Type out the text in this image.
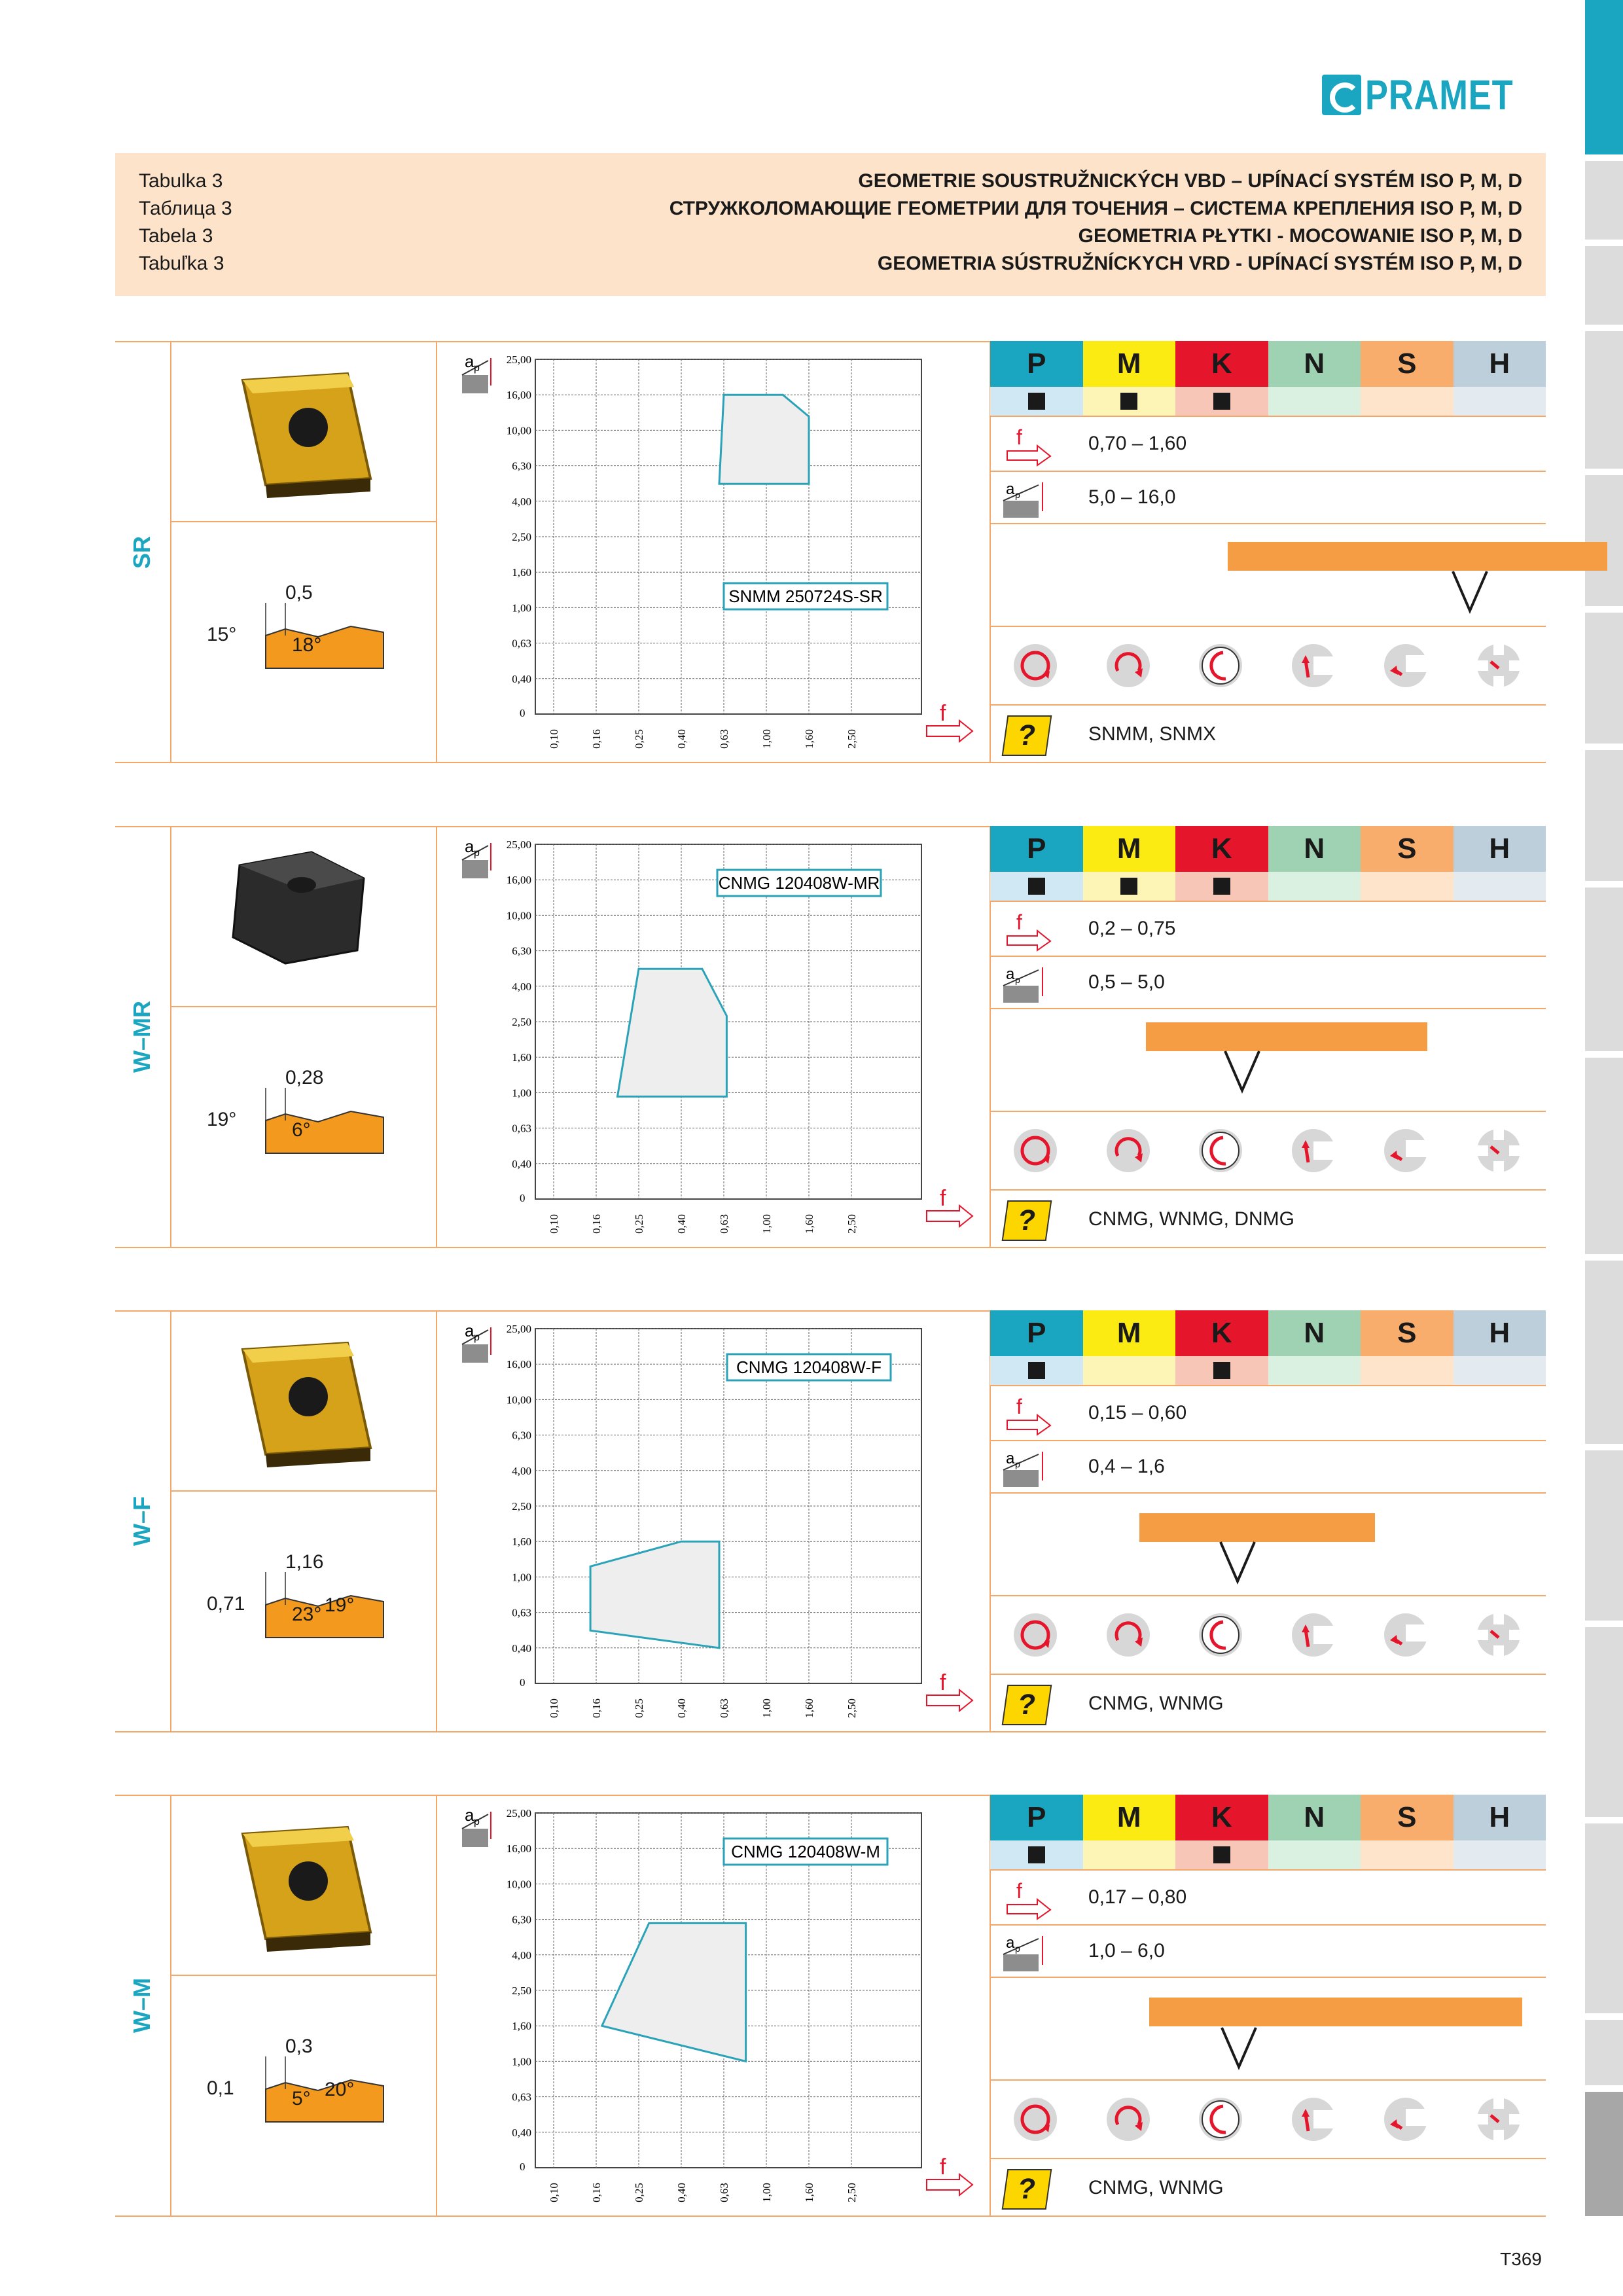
PRAMET
Tabulka 3
Таблица 3
Tabela 3
Tabuľka 3
GEOMETRIE SOUSTRUŽNICKÝCH VBD – UPÍNACÍ SYSTÉM ISO P, M, D
СТРУЖКОЛОМАЮЩИЕ ГЕОМЕТРИИ ДЛЯ ТОЧЕНИЯ – СИСТЕМА КРЕПЛЕНИЯ ISO P, M, D
GEOMETRIA PŁYTKI - MOCOWANIE ISO P, M, D
GEOMETRIA SÚSTRUŽNÍCKYCH VRD - UPÍNACÍ SYSTÉM ISO P, M, D
SR
0,5
15°	18°
a p
25,00
16,00
10,00
6,30
4,00
2,50
1,60
1,00
0,63
0,40
0
0,10	0,16	0,25	0,40	0,63	1,00	1,60	2,50
f
SNMM 250724S-SR
P	M	K	N	S	H
f	0,70 – 1,60
a p	5,0 – 16,0
?	SNMM, SNMX
W–MR
0,28
19°	6°
a p
25,00
16,00
10,00
6,30
4,00
2,50
1,60
1,00
0,63
0,40
0
0,10	0,16	0,25	0,40	0,63	1,00	1,60	2,50
f
CNMG 120408W-MR
P	M	K	N	S	H
f	0,2 – 0,75
a p	0,5 – 5,0
?	CNMG, WNMG, DNMG
W–F
1,16
0,71 23° 19°
a p
25,00
16,00
10,00
6,30
4,00
2,50
1,60
1,00
0,63
0,40
0
0,10	0,16	0,25	0,40	0,63	1,00	1,60	2,50
f
CNMG 120408W-F
P	M	K	N	S	H
f	0,15 – 0,60
a p	0,4 – 1,6
?	CNMG, WNMG
W–M
0,3
0,1	5° 20°
a p
25,00
16,00
10,00
6,30
4,00
2,50
1,60
1,00
0,63
0,40
0
0,10	0,16	0,25	0,40	0,63	1,00	1,60	2,50
f
CNMG 120408W-M
P	M	K	N	S	H
f	0,17 – 0,80
a p	1,0 – 6,0
?	CNMG, WNMG
T369
